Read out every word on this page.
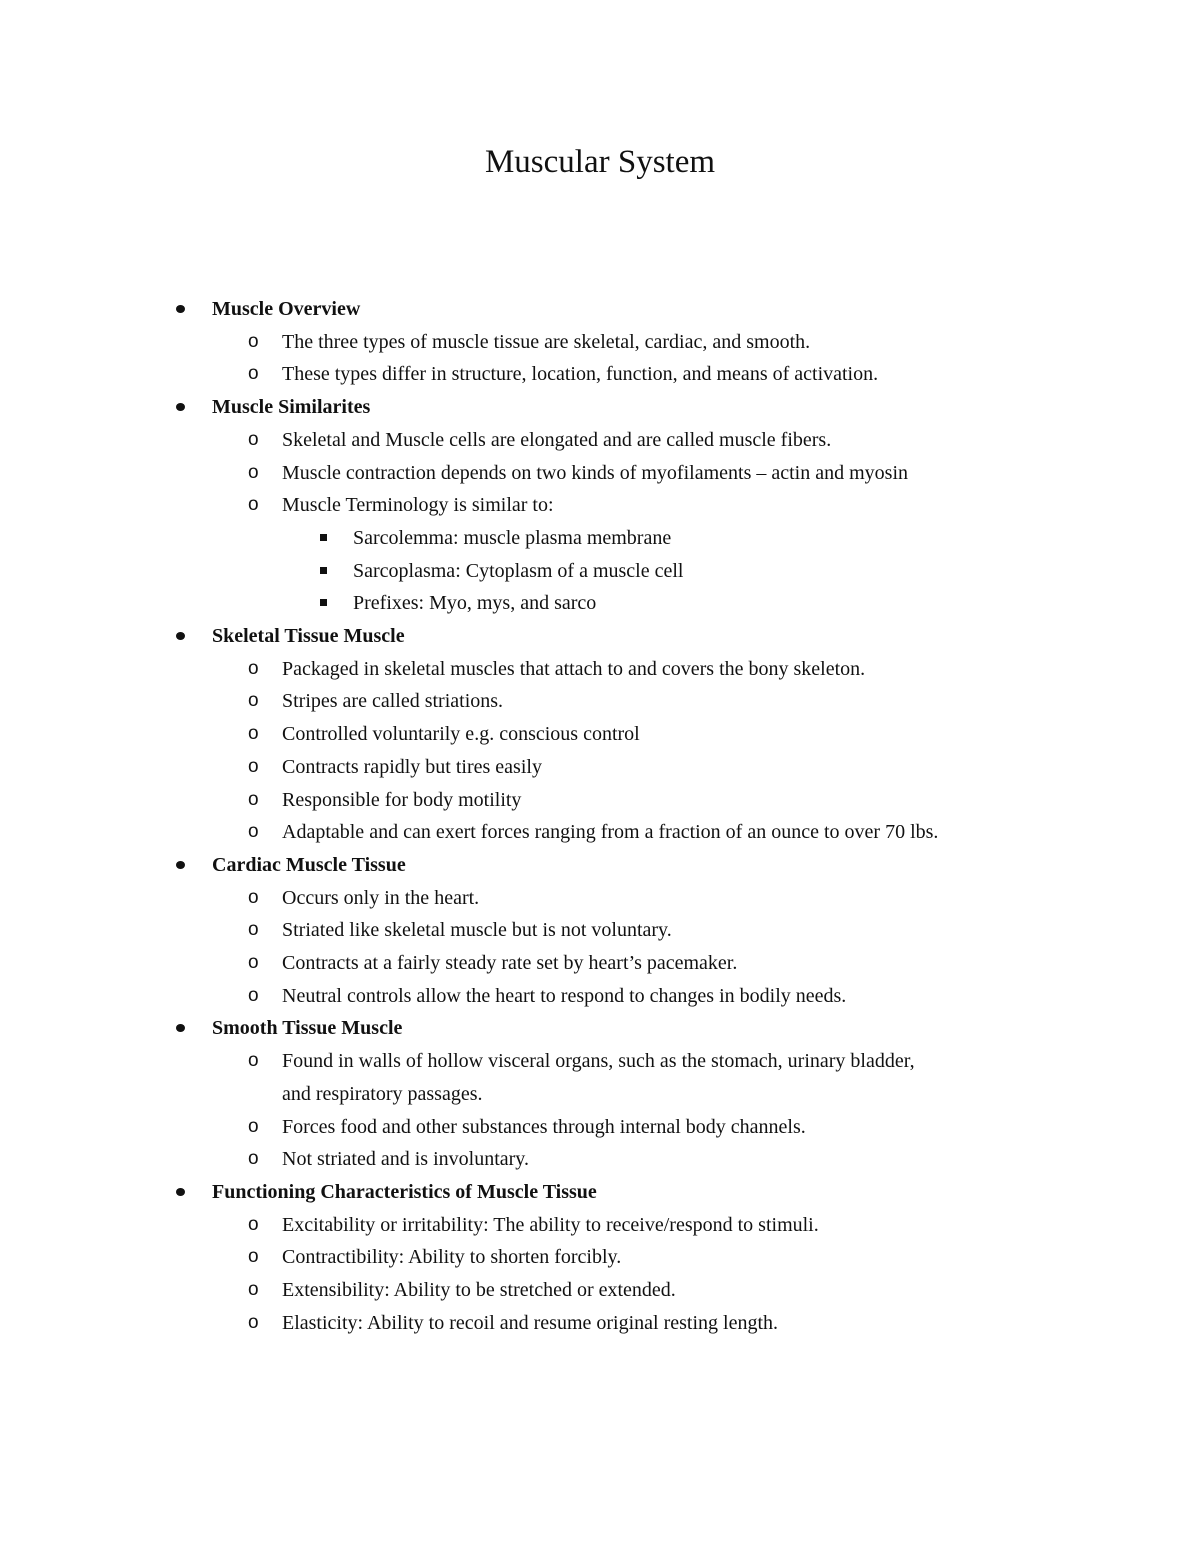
Muscular System
Muscle Overview
o The three types of muscle tissue are skeletal, cardiac, and smooth.
o These types differ in structure, location, function, and means of activation.
Muscle Similarites
o Skeletal and Muscle cells are elongated and are called muscle fibers.
o Muscle contraction depends on two kinds of myofilaments – actin and myosin
o Muscle Terminology is similar to:
Sarcolemma: muscle plasma membrane
Sarcoplasma: Cytoplasm of a muscle cell
Prefixes: Myo, mys, and sarco
Skeletal Tissue Muscle
o Packaged in skeletal muscles that attach to and covers the bony skeleton.
o Stripes are called striations.
o Controlled voluntarily e.g. conscious control
o Contracts rapidly but tires easily
o Responsible for body motility
o Adaptable and can exert forces ranging from a fraction of an ounce to over 70 lbs.
Cardiac Muscle Tissue
o Occurs only in the heart.
o Striated like skeletal muscle but is not voluntary.
o Contracts at a fairly steady rate set by heart’s pacemaker.
o Neutral controls allow the heart to respond to changes in bodily needs.
Smooth Tissue Muscle
o Found in walls of hollow visceral organs, such as the stomach, urinary bladder,
and respiratory passages.
o Forces food and other substances through internal body channels.
o Not striated and is involuntary.
Functioning Characteristics of Muscle Tissue
o Excitability or irritability: The ability to receive/respond to stimuli.
o Contractibility: Ability to shorten forcibly.
o Extensibility: Ability to be stretched or extended.
o Elasticity: Ability to recoil and resume original resting length.
